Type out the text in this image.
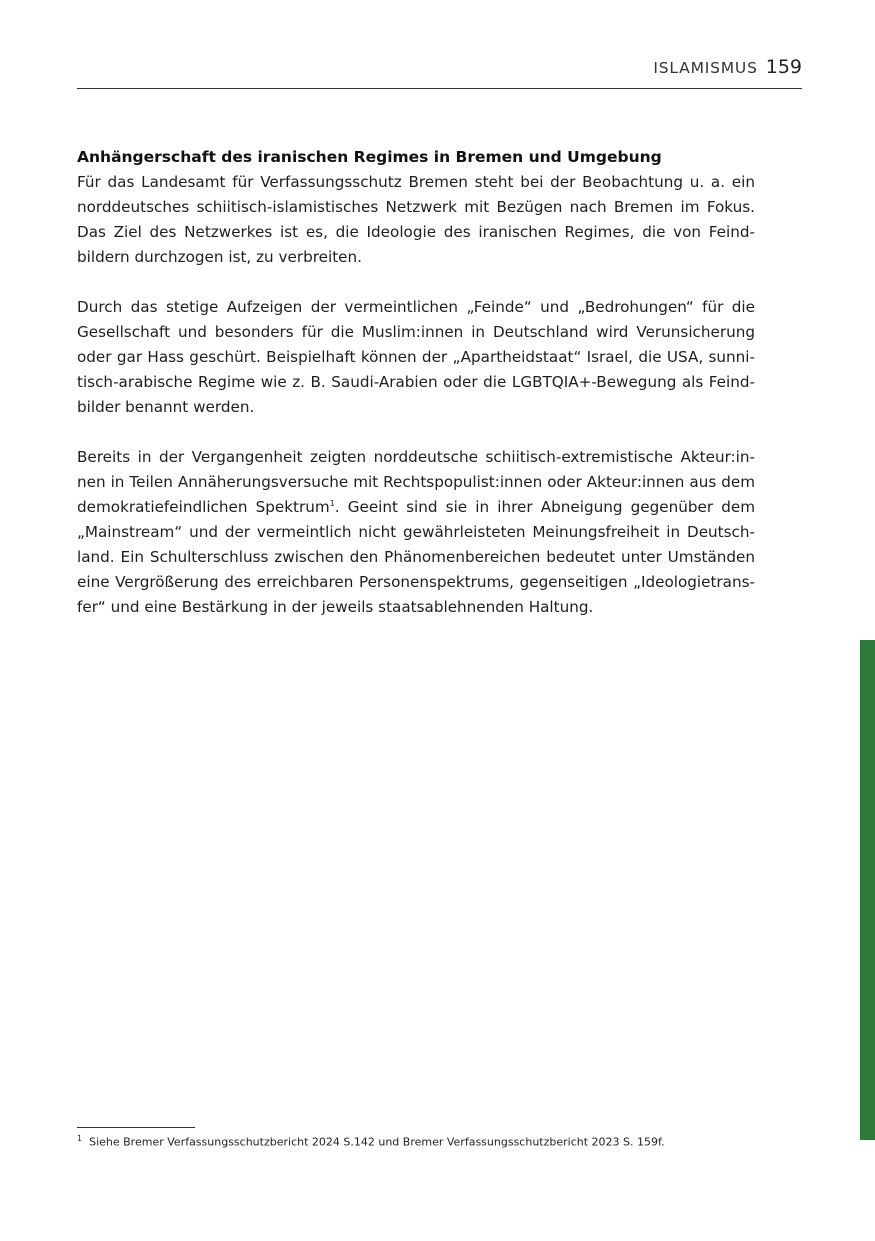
ISLAMISMUS 159
Anhängerschaft des iranischen Regimes in Bremen und Umgebung

Für das Landesamt für Verfassungsschutz Bremen steht bei der Beobachtung u. a. ein norddeutsches schiitisch-islamistisches Netzwerk mit Bezügen nach Bremen im Fokus. Das Ziel des Netzwerkes ist es, die Ideologie des iranischen Regimes, die von Feindbildern durchzogen ist, zu verbreiten.

Durch das stetige Aufzeigen der vermeintlichen „Feinde“ und „Bedrohungen“ für die Gesellschaft und besonders für die Muslim:innen in Deutschland wird Verunsicherung oder gar Hass geschürt. Beispielhaft können der „Apartheidstaat“ Israel, die USA, sunnitisch-arabische Regime wie z. B. Saudi-Arabien oder die LGBTQIA+-Bewegung als Feindbilder benannt werden.

Bereits in der Vergangenheit zeigten norddeutsche schiitisch-extremistische Akteur:innen in Teilen Annäherungsversuche mit Rechtspopulist:innen oder Akteur:innen aus dem demokratiefeindlichen Spektrum$^1$. Geeint sind sie in ihrer Abneigung gegenüber dem „Mainstream“ und der vermeintlich nicht gewährleisteten Meinungsfreiheit in Deutschland. Ein Schulterschluss zwischen den Phänomenbereichen bedeutet unter Umständen eine Vergrößerung des erreichbaren Personenspektrums, gegenseitigen „Ideologietransfer“ und eine Bestärkung in der jeweils staatsablehnenden Haltung.

$^1$ Siehe Bremer Verfassungsschutzbericht 2024 S.142 und Bremer Verfassungsschutzbericht 2023 S. 159f.
